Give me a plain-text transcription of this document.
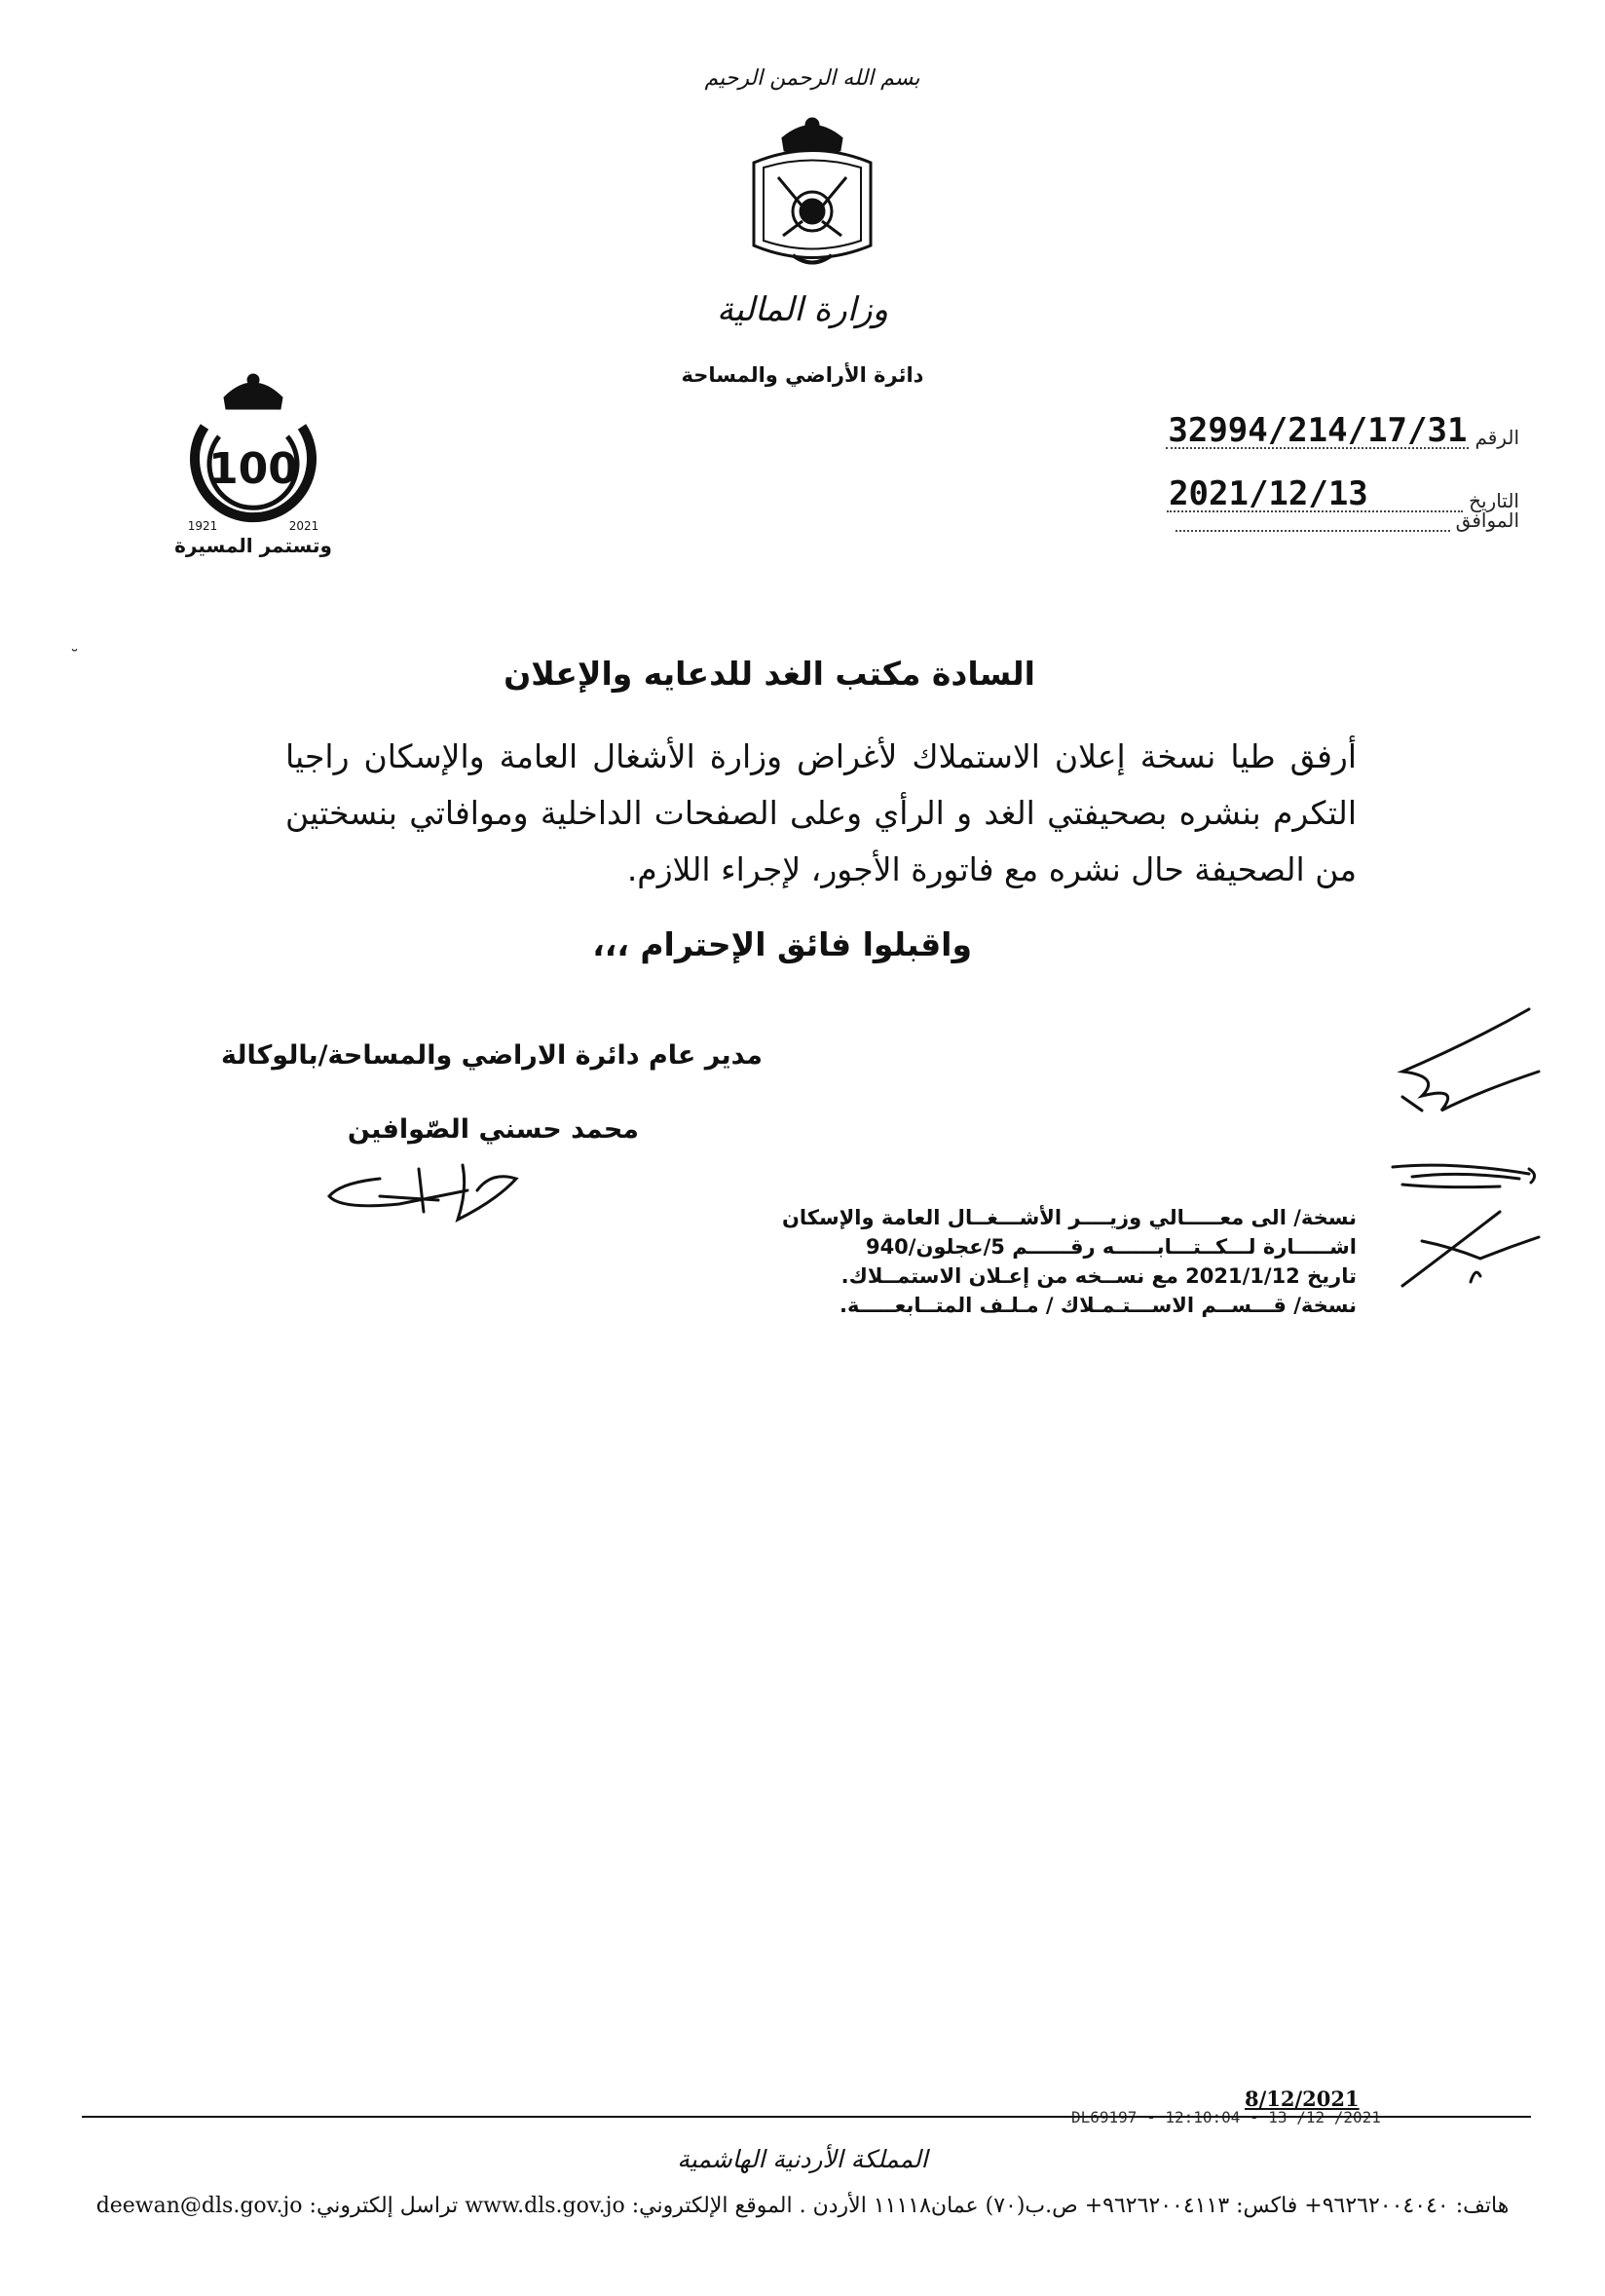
بسم الله الرحمن الرحيم
وزارة المالية
دائرة الأراضي والمساحة
100
1921	2021
وتستمر المسيرة
الرقم
32994/214/17/31
التاريخ
2021/12/13
الموافق
˘	السادة مكتب الغد للدعايه والإعلان
أرفق طيا نسخة إعلان الاستملاك لأغراض وزارة الأشغال العامة والإسكان راجيا التكرم بنشره بصحيفتي الغد و الرأي وعلى الصفحات الداخلية وموافاتي بنسختين من الصحيفة حال نشره مع فاتورة الأجور، لإجراء اللازم.
واقبلوا فائق الإحترام ،،،
مدير عام دائرة الاراضي والمساحة/بالوكالة
محمد حسني الصّوافين
نسخة/ الى معـــــالي وزيــــر الأشـــغــال العامة والإسكان
اشـــــارة لـــكــتـــابــــــه رقــــــم 5/عجلون/940
تاريخ 2021/1/12 مع نســخه من إعـلان الاستمــلاك.
نسخة/ قـــســم الاســـتـمـلاك / مـلـف المتــابعـــــة.
8/12/2021
DL69197 - 12:10:04 - 13 /12 /2021
المملكة الأردنية الهاشمية
هاتف: ٩٦٢٦٢٠٠٤٠٤٠+ فاكس: ٩٦٢٦٢٠٠٤١١٣+ ص.ب(٧٠) عمان١١١١٨ الأردن . الموقع الإلكتروني: www.dls.gov.jo تراسل إلكتروني: deewan@dls.gov.jo
